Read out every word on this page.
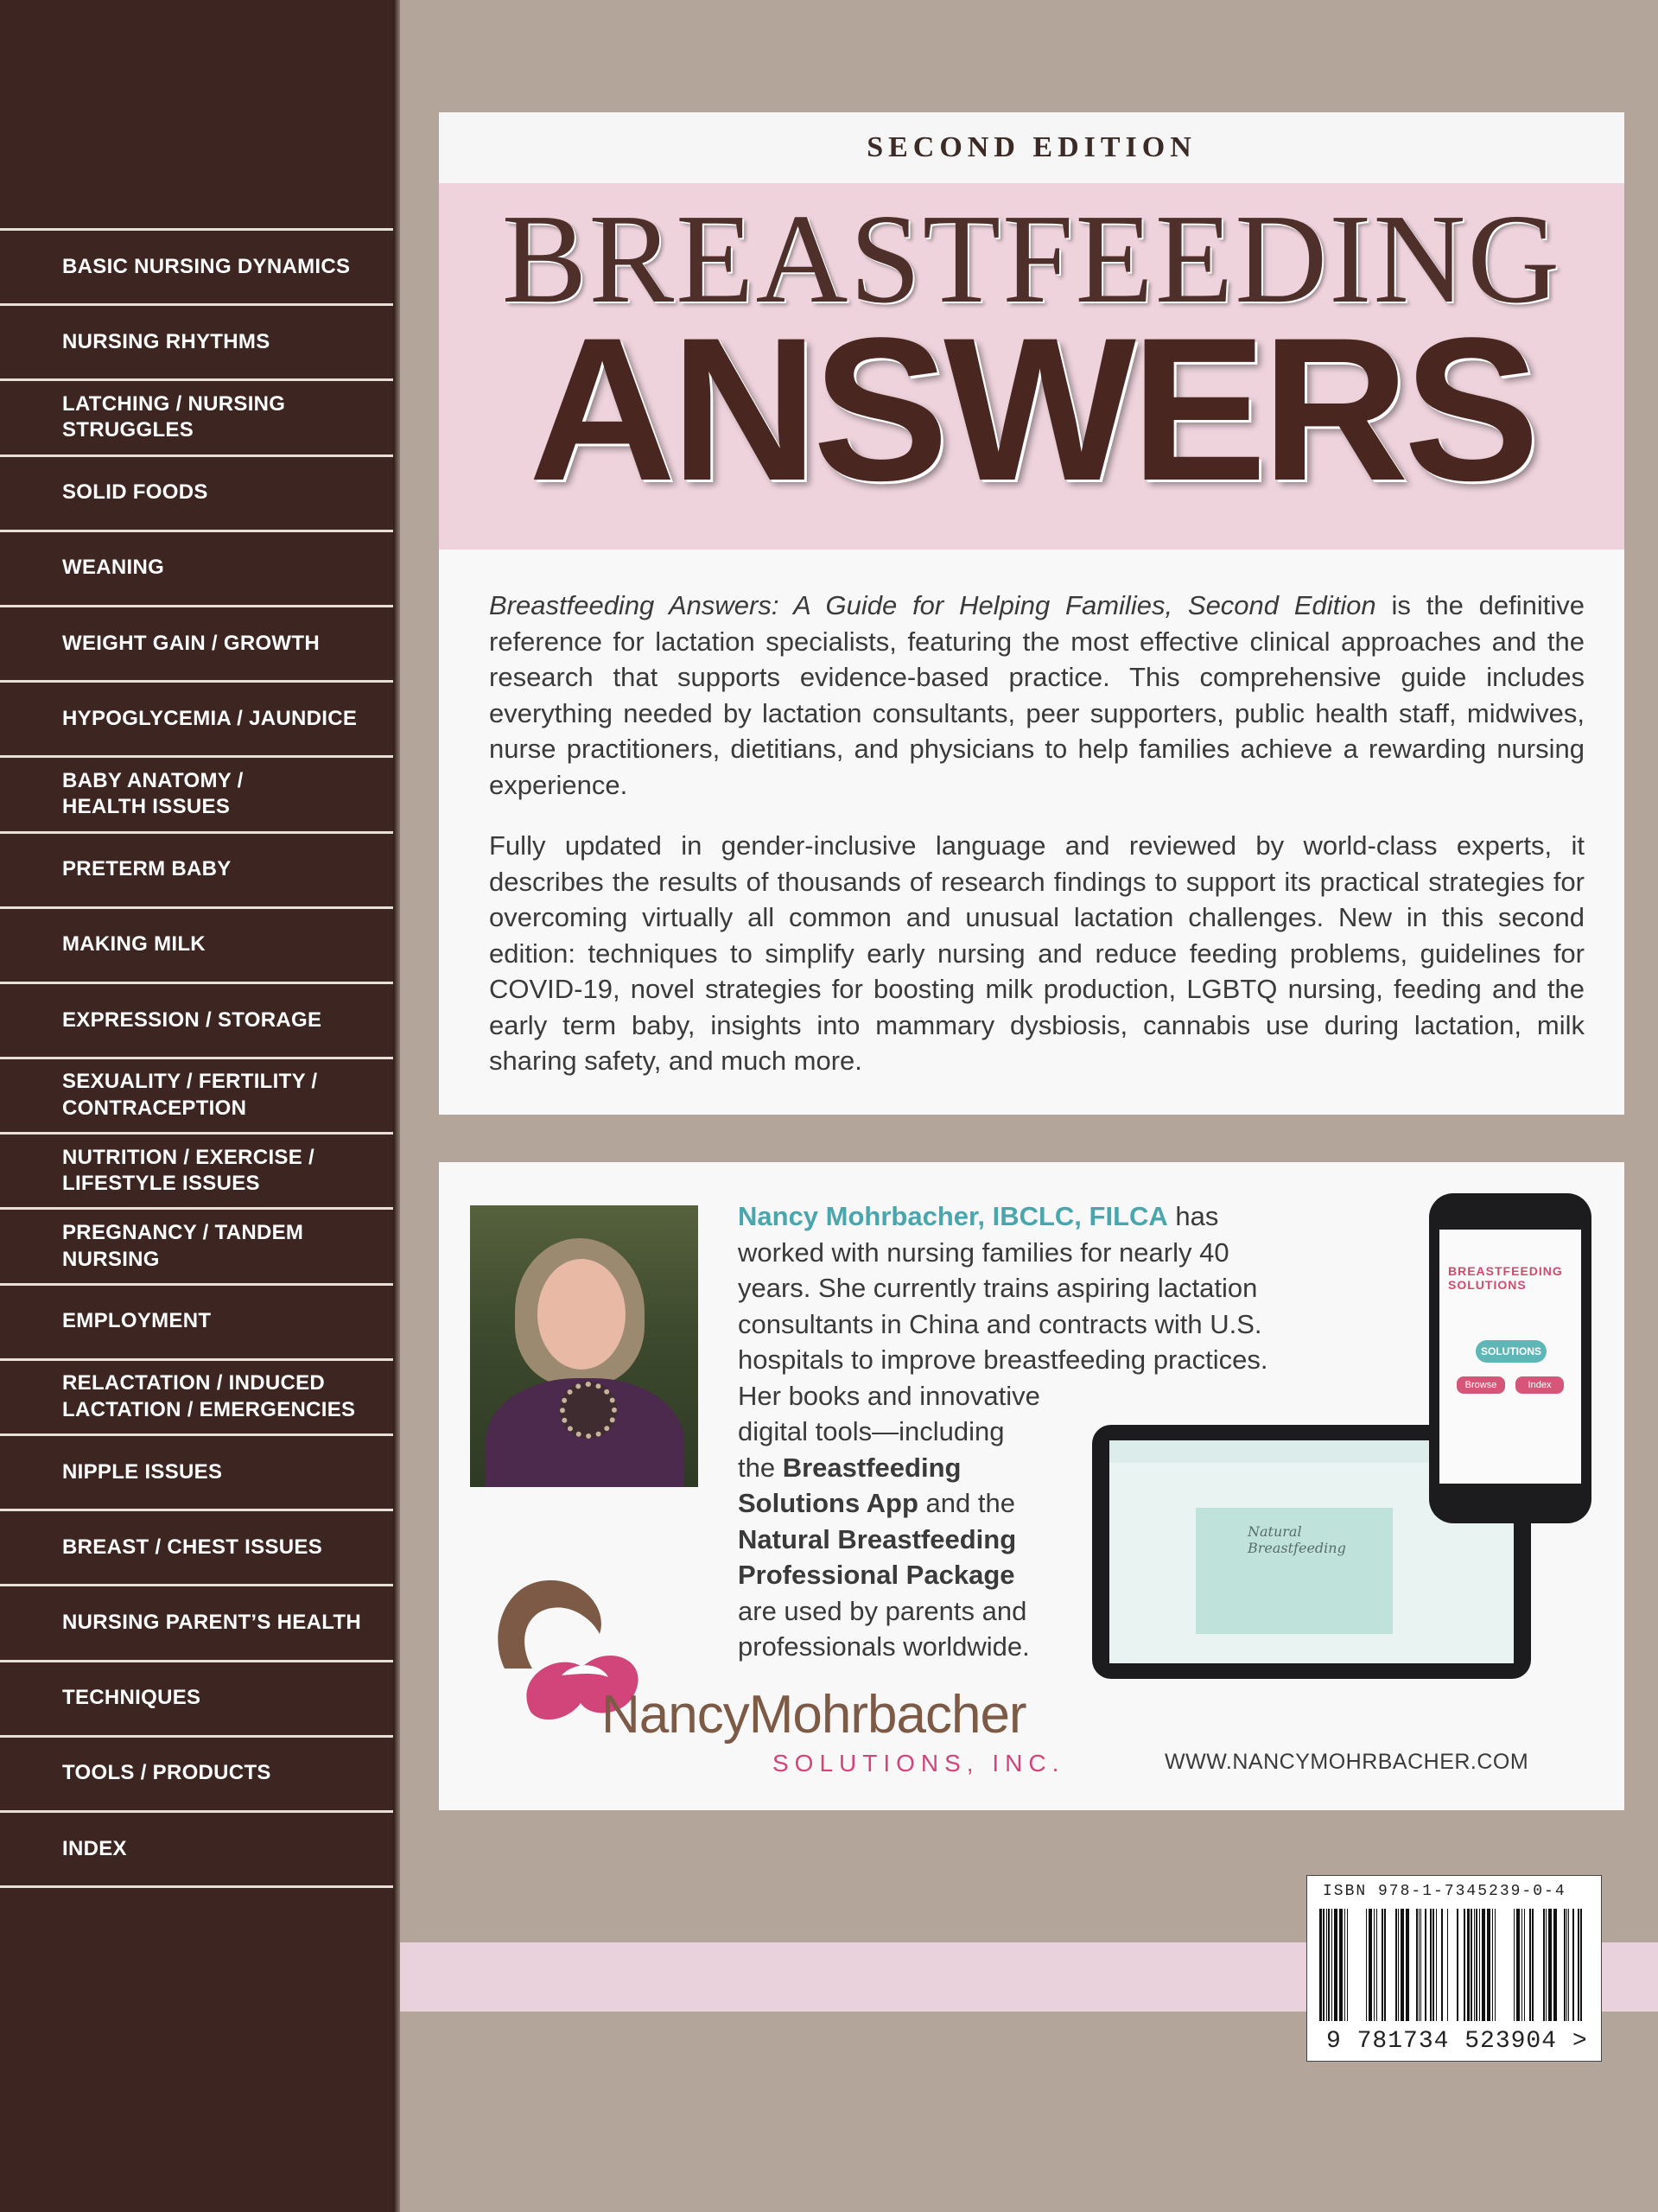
BASIC NURSING DYNAMICS
NURSING RHYTHMS
LATCHING / NURSING
STRUGGLES
SOLID FOODS
WEANING
WEIGHT GAIN / GROWTH
HYPOGLYCEMIA / JAUNDICE
BABY ANATOMY /
HEALTH ISSUES
PRETERM BABY
MAKING MILK
EXPRESSION / STORAGE
SEXUALITY / FERTILITY /
CONTRACEPTION
NUTRITION / EXERCISE /
LIFESTYLE ISSUES
PREGNANCY / TANDEM
NURSING
EMPLOYMENT
RELACTATION / INDUCED
LACTATION / EMERGENCIES
NIPPLE ISSUES
BREAST / CHEST ISSUES
NURSING PARENT’S HEALTH
TECHNIQUES
TOOLS / PRODUCTS
INDEX
SECOND EDITION
BREASTFEEDING
ANSWERS
Breastfeeding Answers: A Guide for Helping Families, Second Edition is the definitive reference for lactation specialists, featuring the most effective clinical approaches and the research that supports evidence-based practice. This comprehensive guide includes everything needed by lactation consultants, peer supporters, public health staff, midwives, nurse practitioners, dietitians, and physicians to help families achieve a rewarding nursing experience.
Fully updated in gender-inclusive language and reviewed by world-class experts, it describes the results of thousands of research findings to support its practical strategies for overcoming virtually all common and unusual lactation challenges. New in this second edition: techniques to simplify early nursing and reduce feeding problems, guidelines for COVID-19, novel strategies for boosting milk production, LGBTQ nursing, feeding and the early term baby, insights into mammary dysbiosis, cannabis use during lactation, milk sharing safety, and much more.
Nancy Mohrbacher, IBCLC, FILCA has
worked with nursing families for nearly 40
years. She currently trains aspiring lactation
consultants in China and contracts with U.S.
hospitals to improve breastfeeding practices.
Her books and innovative
digital tools—including
the Breastfeeding
Solutions App and the
Natural Breastfeeding
Professional Package
are used by parents and
professionals worldwide.
Natural Breastfeeding
BREASTFEEDING SOLUTIONS
SOLUTIONS
Browse	Index
NancyMohrbacher
SOLUTIONS, INC.	WWW.NANCYMOHRBACHER.COM
ISBN 978-1-7345239-0-4
9 781734 523904 >
